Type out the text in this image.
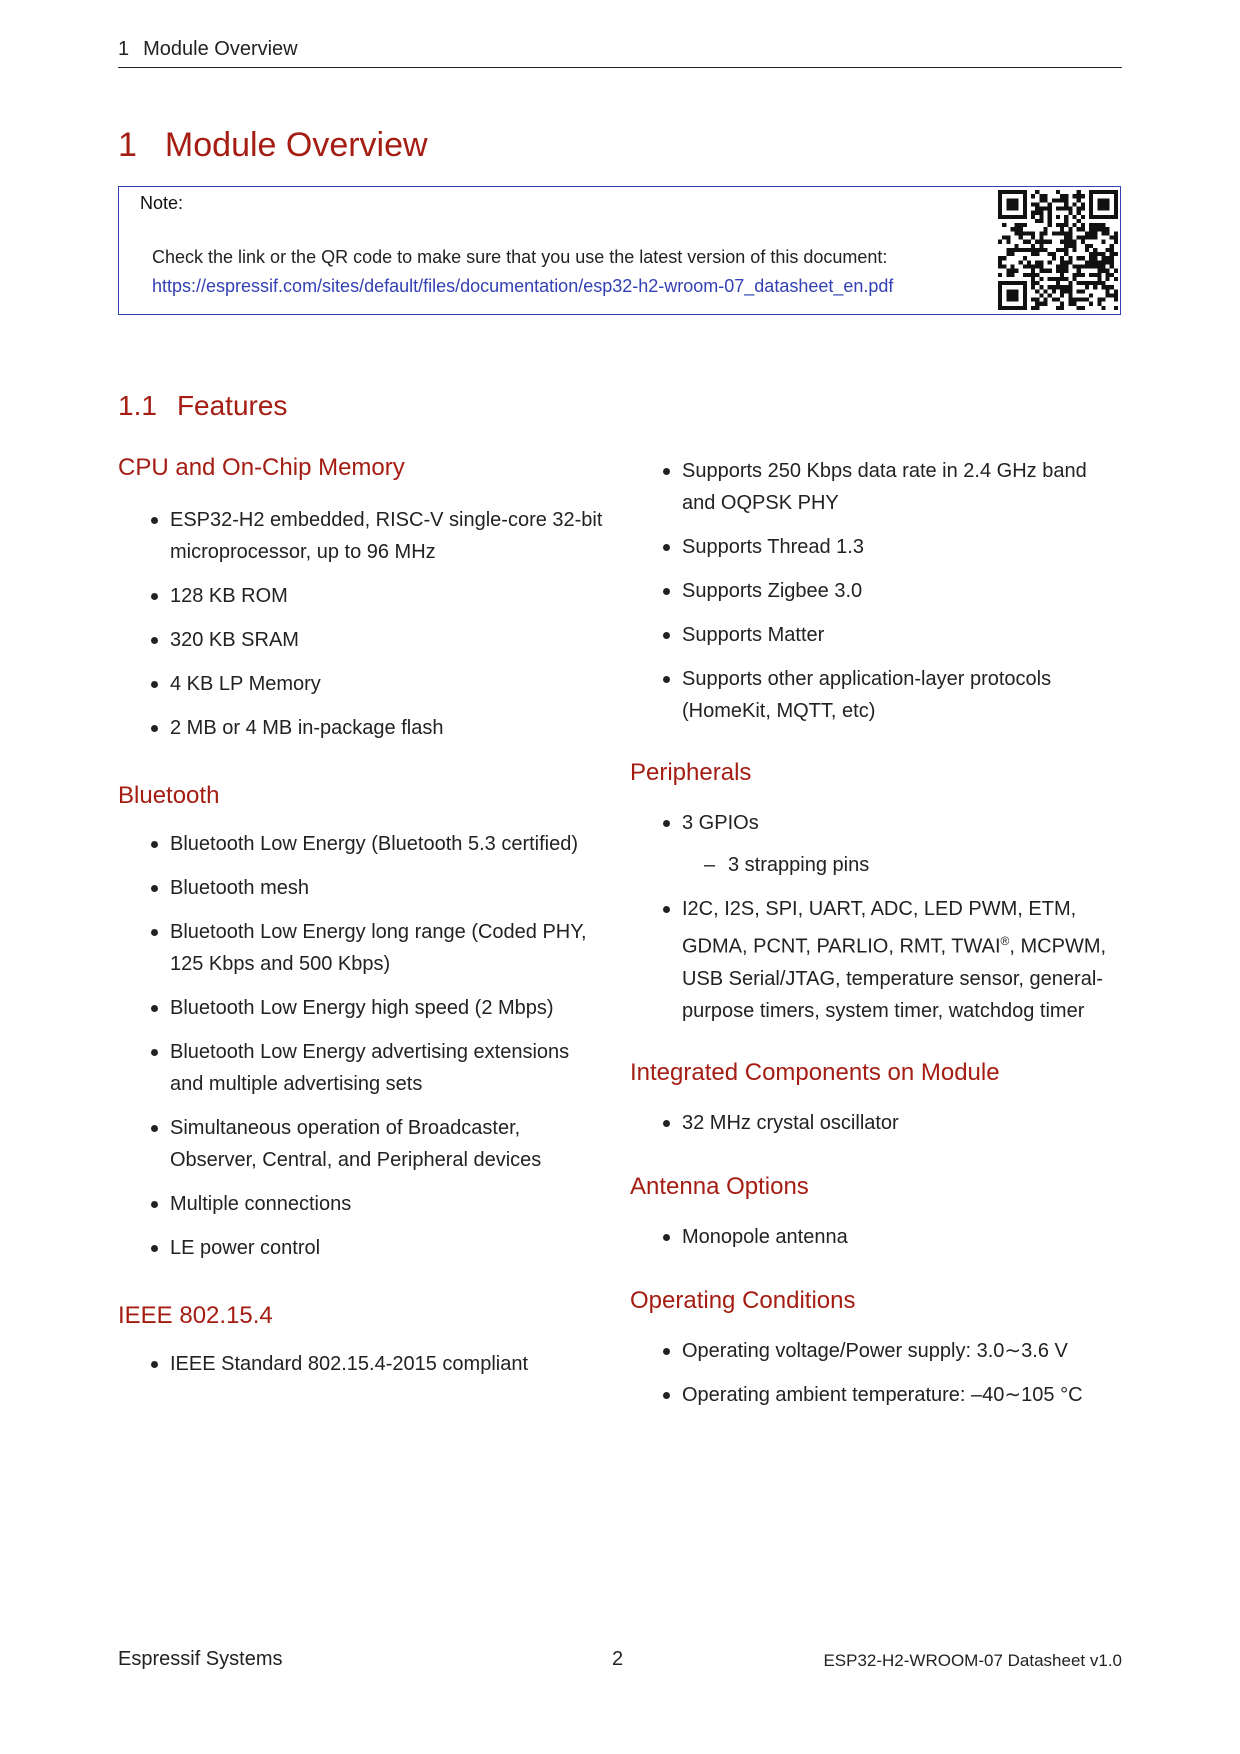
1 Module Overview
1 Module Overview
Note:
Check the link or the QR code to make sure that you use the latest version of this document:
https://espressif.com/sites/default/files/documentation/esp32-h2-wroom-07_datasheet_en.pdf
1.1 Features
CPU and On-Chip Memory
ESP32-H2 embedded, RISC-V single-core 32-bit microprocessor, up to 96 MHz
128 KB ROM
320 KB SRAM
4 KB LP Memory
2 MB or 4 MB in-package flash
Bluetooth
Bluetooth Low Energy (Bluetooth 5.3 certified)
Bluetooth mesh
Bluetooth Low Energy long range (Coded PHY, 125 Kbps and 500 Kbps)
Bluetooth Low Energy high speed (2 Mbps)
Bluetooth Low Energy advertising extensions and multiple advertising sets
Simultaneous operation of Broadcaster, Observer, Central, and Peripheral devices
Multiple connections
LE power control
IEEE 802.15.4
IEEE Standard 802.15.4-2015 compliant
Supports 250 Kbps data rate in 2.4 GHz band and OQPSK PHY
Supports Thread 1.3
Supports Zigbee 3.0
Supports Matter
Supports other application-layer protocols (HomeKit, MQTT, etc)
Peripherals
3 GPIOs
– 3 strapping pins
I2C, I2S, SPI, UART, ADC, LED PWM, ETM, GDMA, PCNT, PARLIO, RMT, TWAI®, MCPWM, USB Serial/JTAG, temperature sensor, general-purpose timers, system timer, watchdog timer
Integrated Components on Module
32 MHz crystal oscillator
Antenna Options
Monopole antenna
Operating Conditions
Operating voltage/Power supply: 3.0∼3.6 V
Operating ambient temperature: –40∼105 °C
Espressif Systems	2	ESP32-H2-WROOM-07 Datasheet v1.0
